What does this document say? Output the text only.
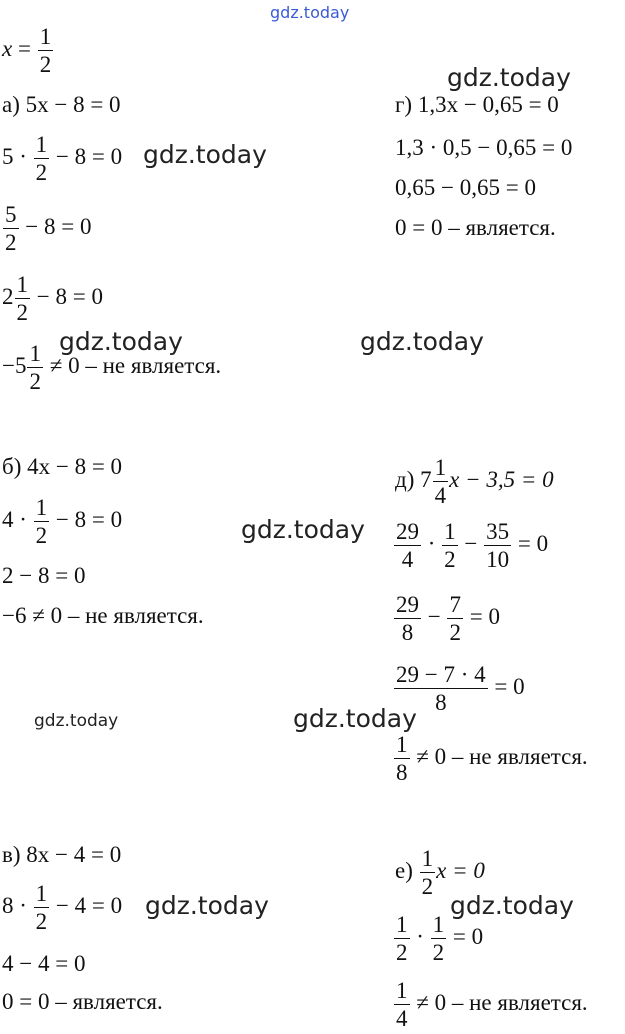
gdz.today
gdz.today
gdz.today
gdz.today	gdz.today
gdz.today
gdz.today	gdz.today
gdz.today	gdz.today
$x = \frac{1}{2}$
а) 5x − 8 = 0
$5 \cdot \frac{1}{2} - 8 = 0$
$\frac{5}{2} - 8 = 0$
$2 \frac{1}{2} - 8 = 0$
$-5 \frac{1}{2} \ne 0$ – не является.
б) 4x − 8 = 0
$4 \cdot \frac{1}{2} - 8 = 0$
2 − 8 = 0
−6 ≠ 0 – не является.
в) 8x − 4 = 0
$8 \cdot \frac{1}{2} - 4 = 0$
4 − 4 = 0
0 = 0 – является.
г) 1,3x − 0,65 = 0
1,3 · 0,5 − 0,65 = 0
0,65 − 0,65 = 0
0 = 0 – является.
д) $7 \frac{1}{4}$ x − 3,5 = 0
$\frac{29}{4} \cdot \frac{1}{2} - \frac{35}{10} = 0$
$\frac{29}{8} - \frac{7}{2} = 0$
$\frac{29 - 7 \cdot 4}{8} = 0$
$\frac{1}{8} \ne 0$ – не является.
$е) \frac{1}{2}$ x = 0
$\frac{1}{2} \cdot \frac{1}{2} = 0$
$\frac{1}{4} \ne 0$ – не является.
